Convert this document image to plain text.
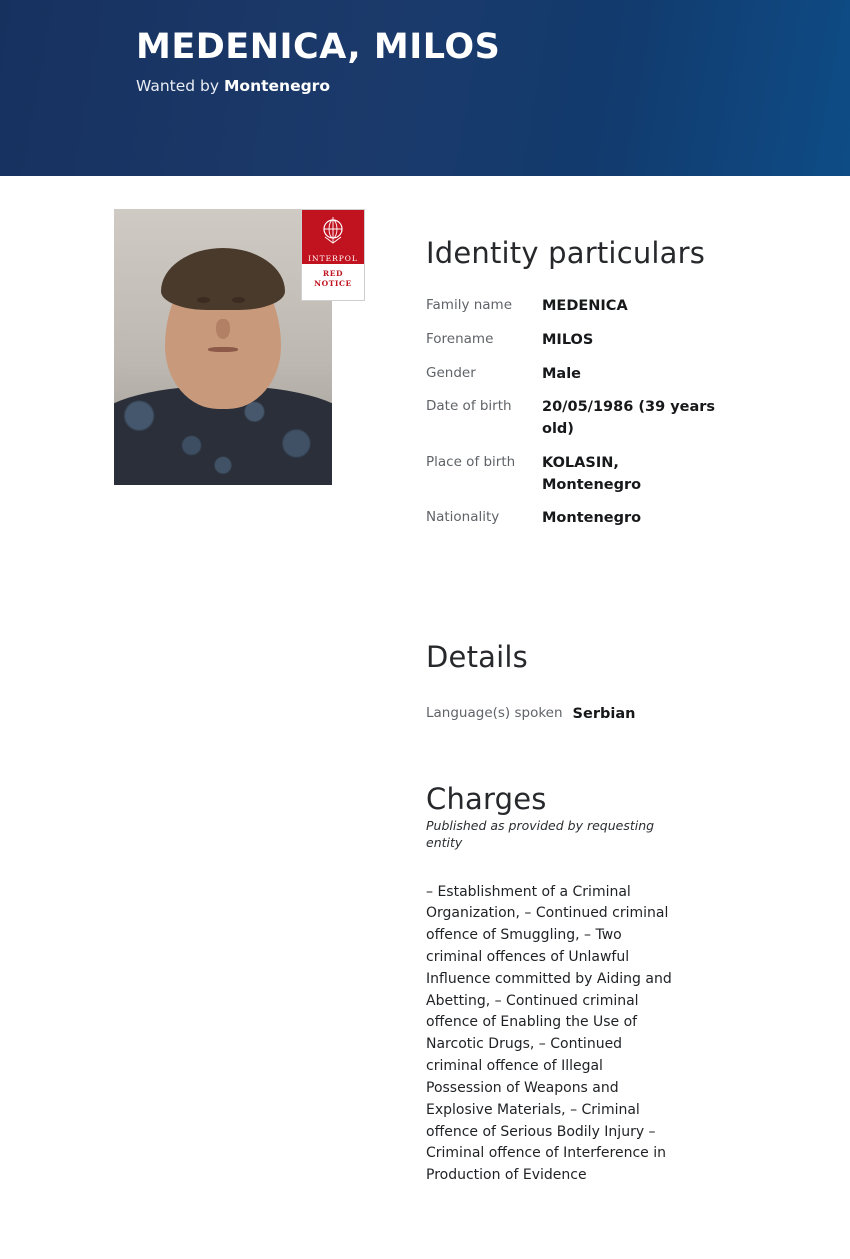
MEDENICA, MILOS
Wanted by Montenegro
INTERPOL
RED
NOTICE
Identity particulars
Family name	MEDENICA
Forename	MILOS
Gender	Male
Date of birth	20/05/1986 (39 years old)
Place of birth	KOLASIN, Montenegro
Nationality	Montenegro
Details
Language(s) spoken Serbian
Charges
Published as provided by requesting entity
– Establishment of a Criminal Organization, – Continued criminal offence of Smuggling, – Two criminal offences of Unlawful Influence committed by Aiding and Abetting, – Continued criminal offence of Enabling the Use of Narcotic Drugs, – Continued criminal offence of Illegal Possession of Weapons and Explosive Materials, – Criminal offence of Serious Bodily Injury – Criminal offence of Interference in Production of Evidence
